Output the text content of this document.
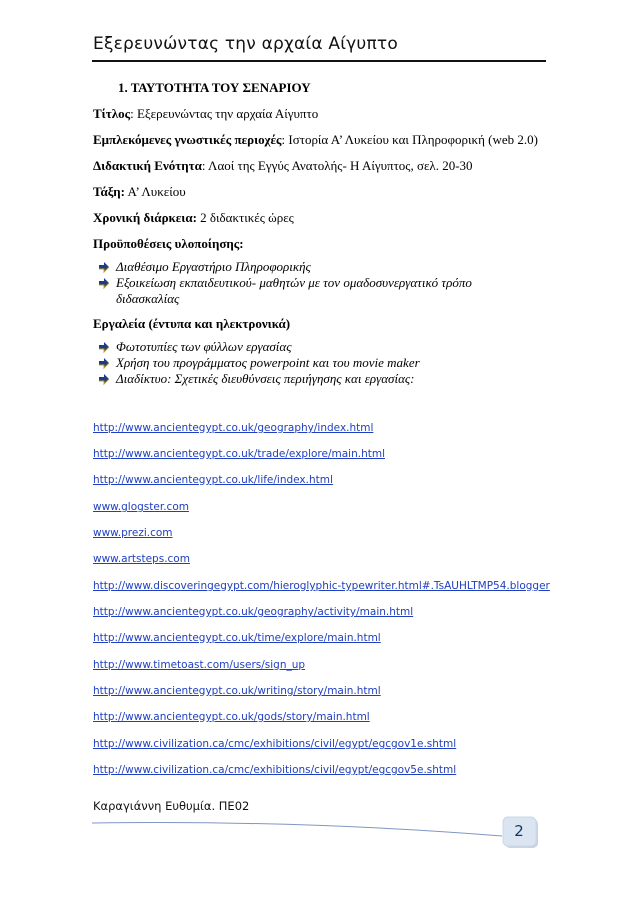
Εξερευνώντας την αρχαία Αίγυπτο
1. ΤΑΥΤΟΤΗΤΑ ΤΟΥ ΣΕΝΑΡΙΟΥ
Τίτλος: Εξερευνώντας την αρχαία Αίγυπτο
Εμπλεκόμενες γνωστικές περιοχές: Ιστορία Α’ Λυκείου και Πληροφορική (web 2.0)
Διδακτική Ενότητα: Λαοί της Εγγύς Ανατολής- Η Αίγυπτος, σελ. 20-30
Τάξη: Α’ Λυκείου
Χρονική διάρκεια: 2 διδακτικές ώρες
Προϋποθέσεις υλοποίησης:

Διαθέσιμο Εργαστήριο Πληροφορικής

Εξοικείωση εκπαιδευτικού- μαθητών με τον ομαδοσυνεργατικό τρόπο

διδασκαλίας

Εργαλεία (έντυπα και ηλεκτρονικά)

Φωτοτυπίες των φύλλων εργασίας

Χρήση του προγράμματος powerpoint και του movie maker

Διαδίκτυο: Σχετικές διευθύνσεις περιήγησης και εργασίας:

http://www.ancientegypt.co.uk/geography/index.html
http://www.ancientegypt.co.uk/trade/explore/main.html
http://www.ancientegypt.co.uk/life/index.html
www.glogster.com
www.prezi.com
www.artsteps.com
http://www.discoveringegypt.com/hieroglyphic-typewriter.html#.TsAUHLTMP54.blogger
http://www.ancientegypt.co.uk/geography/activity/main.html
http://www.ancientegypt.co.uk/time/explore/main.html
http://www.timetoast.com/users/sign_up
http://www.ancientegypt.co.uk/writing/story/main.html
http://www.ancientegypt.co.uk/gods/story/main.html
http://www.civilization.ca/cmc/exhibitions/civil/egypt/egcgov1e.shtml
http://www.civilization.ca/cmc/exhibitions/civil/egypt/egcgov5e.shtml
Καραγιάννη Ευθυμία. ΠΕ02
2
